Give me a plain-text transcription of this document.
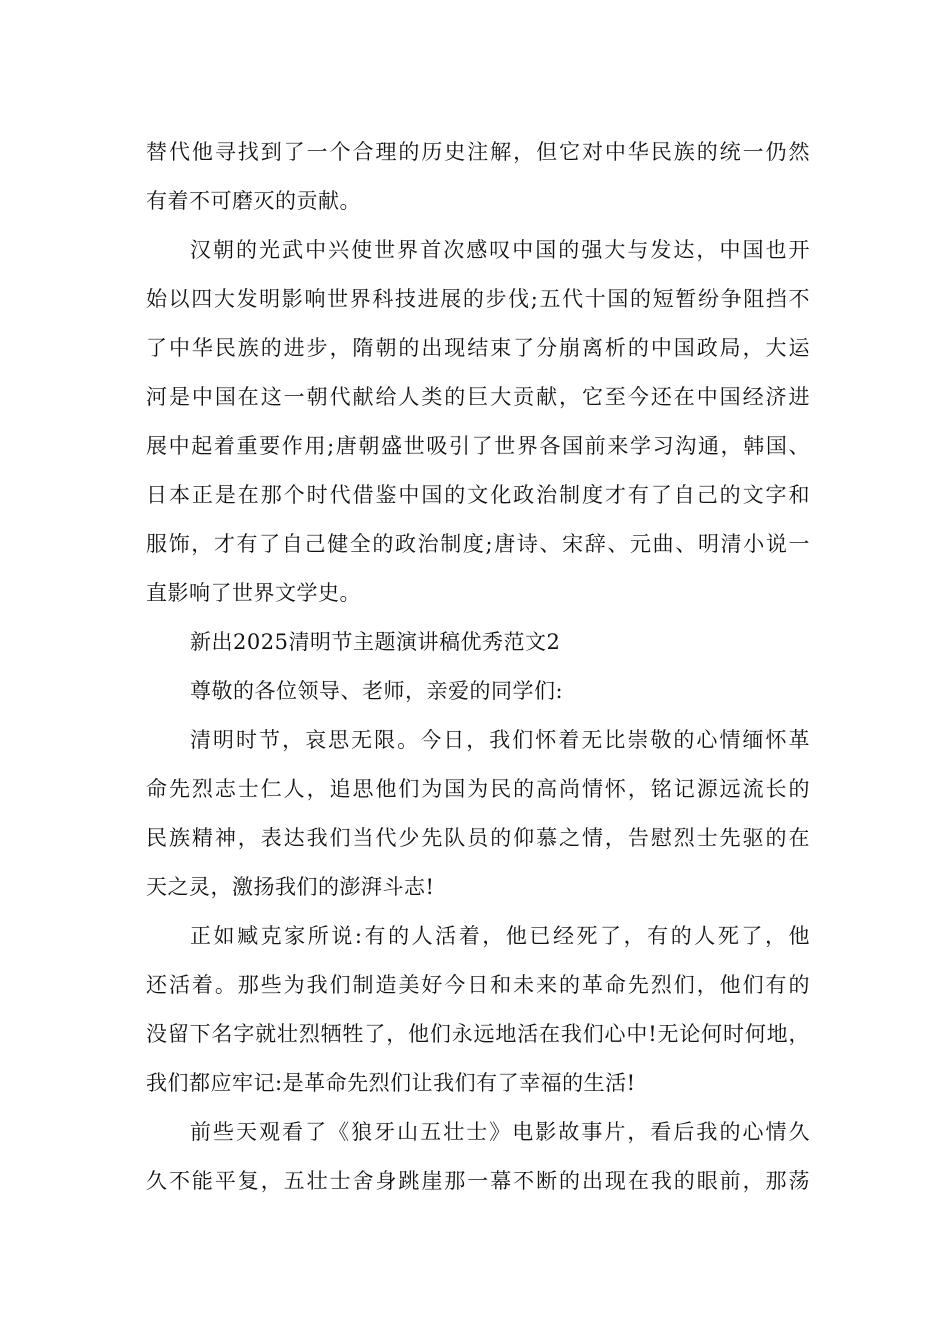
替代他寻找到了一个合理的历史注解，但它对中华民族的统一仍然
有着不可磨灭的贡献。
汉朝的光武中兴使世界首次感叹中国的强大与发达，中国也开
始以四大发明影响世界科技进展的步伐;五代十国的短暂纷争阻挡不
了中华民族的进步，隋朝的出现结束了分崩离析的中国政局，大运
河是中国在这一朝代献给人类的巨大贡献，它至今还在中国经济进
展中起着重要作用;唐朝盛世吸引了世界各国前来学习沟通，韩国、
日本正是在那个时代借鉴中国的文化政治制度才有了自己的文字和
服饰，才有了自己健全的政治制度;唐诗、宋辞、元曲、明清小说一
直影响了世界文学史。
新出2025清明节主题演讲稿优秀范文2
尊敬的各位领导、老师，亲爱的同学们:
清明时节，哀思无限。今日，我们怀着无比崇敬的心情缅怀革
命先烈志士仁人，追思他们为国为民的高尚情怀，铭记源远流长的
民族精神，表达我们当代少先队员的仰慕之情，告慰烈士先驱的在
天之灵，激扬我们的澎湃斗志!
正如臧克家所说:有的人活着，他已经死了，有的人死了，他
还活着。那些为我们制造美好今日和未来的革命先烈们，他们有的
没留下名字就壮烈牺牲了，他们永远地活在我们心中!无论何时何地，
我们都应牢记:是革命先烈们让我们有了幸福的生活!
前些天观看了《狼牙山五壮士》电影故事片，看后我的心情久
久不能平复，五壮士舍身跳崖那一幕不断的出现在我的眼前，那荡
